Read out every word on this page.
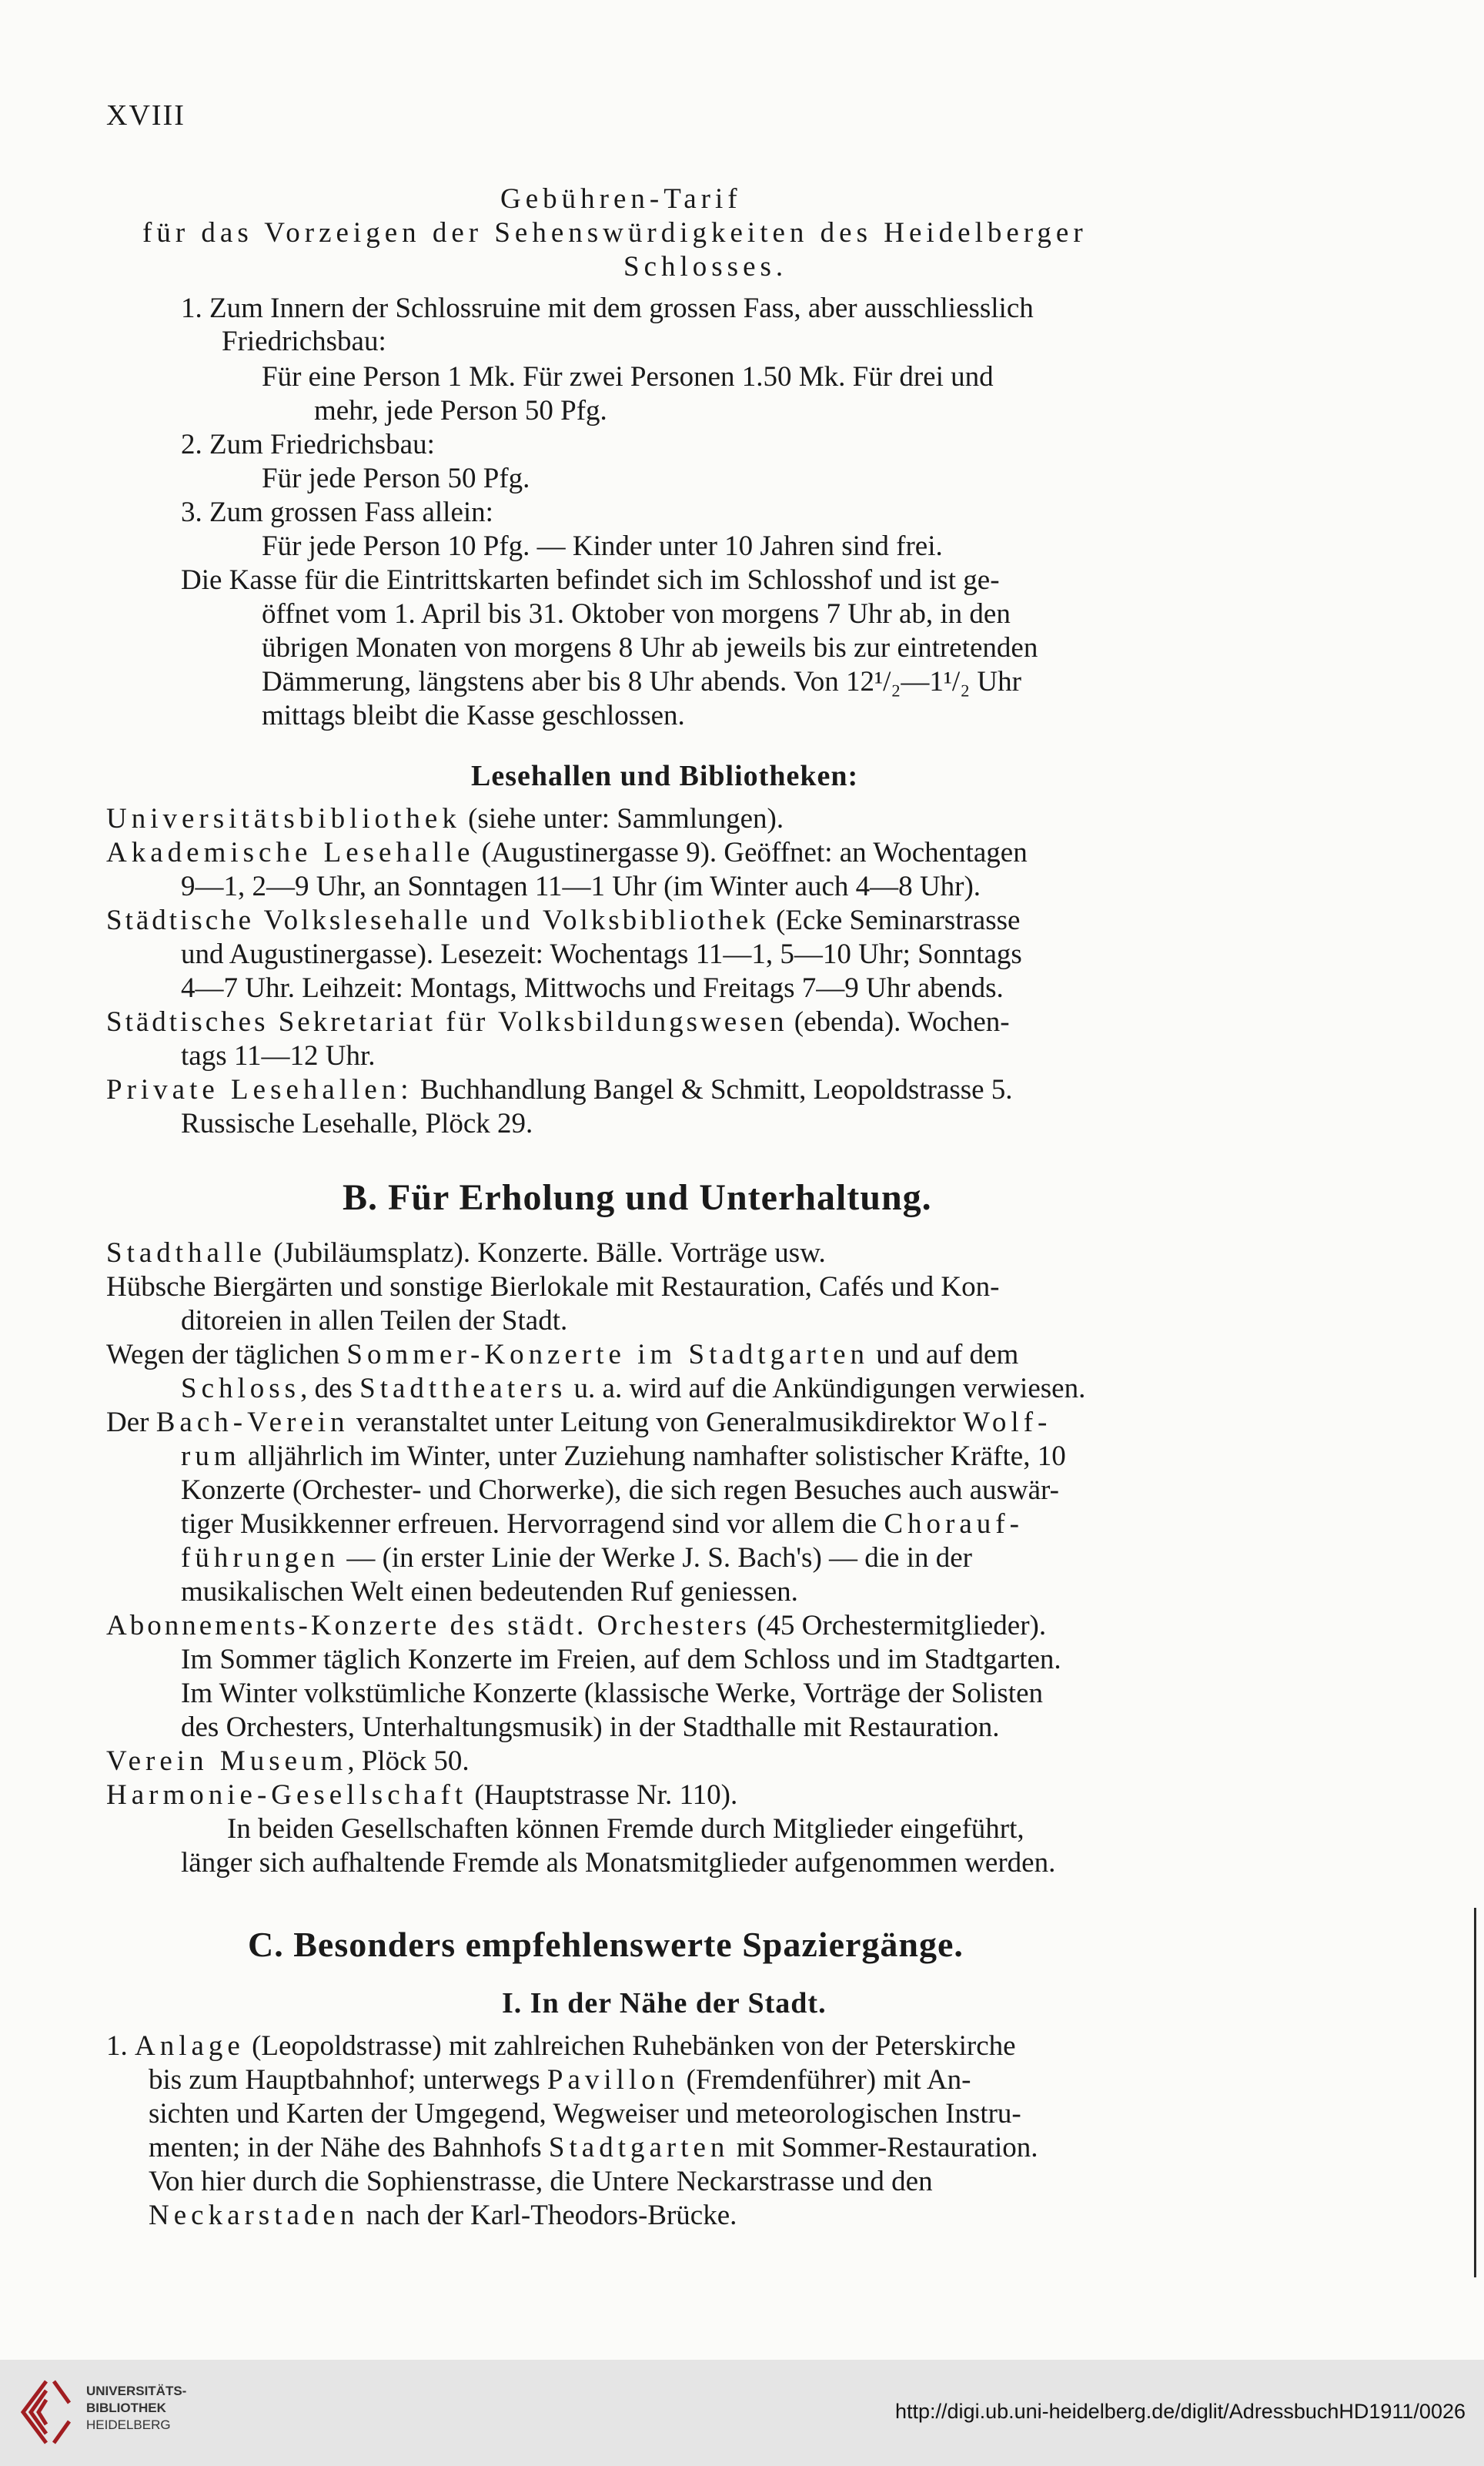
XVIII
Gebühren-Tarif
für das Vorzeigen der Sehenswürdigkeiten des Heidelberger
Schlosses.
1. Zum Innern der Schlossruine mit dem grossen Fass, aber ausschliesslich
Friedrichsbau:
Für eine Person 1 Mk. Für zwei Personen 1.50 Mk. Für drei und
mehr, jede Person 50 Pfg.
2. Zum Friedrichsbau:
Für jede Person 50 Pfg.
3. Zum grossen Fass allein:
Für jede Person 10 Pfg. — Kinder unter 10 Jahren sind frei.
Die Kasse für die Eintrittskarten befindet sich im Schlosshof und ist ge-
öffnet vom 1. April bis 31. Oktober von morgens 7 Uhr ab, in den
übrigen Monaten von morgens 8 Uhr ab jeweils bis zur eintretenden
Dämmerung, längstens aber bis 8 Uhr abends. Von 12¹/₂—1¹/₂ Uhr
mittags bleibt die Kasse geschlossen.
Lesehallen und Bibliotheken:
Universitätsbibliothek (siehe unter: Sammlungen).
Akademische Lesehalle (Augustinergasse 9). Geöffnet: an Wochentagen
9—1, 2—9 Uhr, an Sonntagen 11—1 Uhr (im Winter auch 4—8 Uhr).
Städtische Volkslesehalle und Volksbibliothek (Ecke Seminarstrasse
und Augustinergasse). Lesezeit: Wochentags 11—1, 5—10 Uhr; Sonntags
4—7 Uhr. Leihzeit: Montags, Mittwochs und Freitags 7—9 Uhr abends.
Städtisches Sekretariat für Volksbildungswesen (ebenda). Wochen-
tags 11—12 Uhr.
Private Lesehallen: Buchhandlung Bangel & Schmitt, Leopoldstrasse 5.
Russische Lesehalle, Plöck 29.
B. Für Erholung und Unterhaltung.
Stadthalle (Jubiläumsplatz). Konzerte. Bälle. Vorträge usw.
Hübsche Biergärten und sonstige Bierlokale mit Restauration, Cafés und Kon-
ditoreien in allen Teilen der Stadt.
Wegen der täglichen Sommer-Konzerte im Stadtgarten und auf dem
Schloss, des Stadttheaters u. a. wird auf die Ankündigungen verwiesen.
Der Bach-Verein veranstaltet unter Leitung von Generalmusikdirektor Wolf-
rum alljährlich im Winter, unter Zuziehung namhafter solistischer Kräfte, 10
Konzerte (Orchester- und Chorwerke), die sich regen Besuches auch auswär-
tiger Musikkenner erfreuen. Hervorragend sind vor allem die Chorauf-
führungen — (in erster Linie der Werke J. S. Bach's) — die in der
musikalischen Welt einen bedeutenden Ruf geniessen.
Abonnements-Konzerte des städt. Orchesters (45 Orchestermitglieder).
Im Sommer täglich Konzerte im Freien, auf dem Schloss und im Stadtgarten.
Im Winter volkstümliche Konzerte (klassische Werke, Vorträge der Solisten
des Orchesters, Unterhaltungsmusik) in der Stadthalle mit Restauration.
Verein Museum, Plöck 50.
Harmonie-Gesellschaft (Hauptstrasse Nr. 110).
In beiden Gesellschaften können Fremde durch Mitglieder eingeführt,
länger sich aufhaltende Fremde als Monatsmitglieder aufgenommen werden.
C. Besonders empfehlenswerte Spaziergänge.
I. In der Nähe der Stadt.
1. Anlage (Leopoldstrasse) mit zahlreichen Ruhebänken von der Peterskirche
bis zum Hauptbahnhof; unterwegs Pavillon (Fremdenführer) mit An-
sichten und Karten der Umgegend, Wegweiser und meteorologischen Instru-
menten; in der Nähe des Bahnhofs Stadtgarten mit Sommer-Restauration.
Von hier durch die Sophienstrasse, die Untere Neckarstrasse und den
Neckarstaden nach der Karl-Theodors-Brücke.
UNIVERSITÄTS-
BIBLIOTHEK
HEIDELBERG
http://digi.ub.uni-heidelberg.de/diglit/AdressbuchHD1911/0026
